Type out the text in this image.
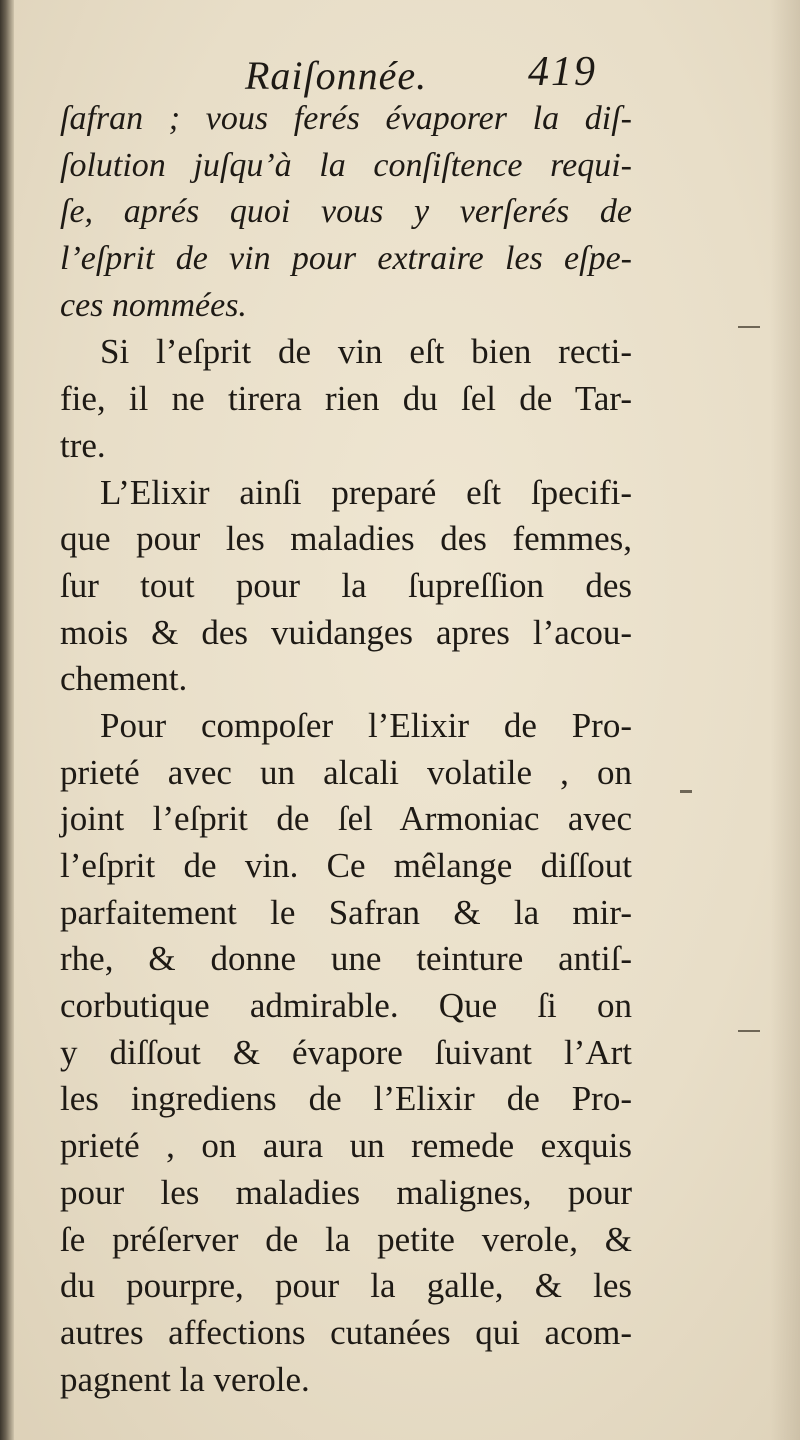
Raiſonnée. 419
ſafran ; vous ferés évaporer la diſ-
ſolution juſqu’à la conſiſtence requi-
ſe, aprés quoi vous y verſerés de
l’eſprit de vin pour extraire les eſpe-
ces nommées.
Si l’eſprit de vin eſt bien recti-
fie, il ne tirera rien du ſel de Tar-
tre.
L’Elixir ainſi preparé eſt ſpecifi-
que pour les maladies des femmes,
ſur tout pour la ſupreſſion des
mois & des vuidanges apres l’acou-
chement.
Pour compoſer l’Elixir de Pro-
prieté avec un alcali volatile , on
joint l’eſprit de ſel Armoniac avec
l’eſprit de vin. Ce mêlange diſſout
parfaitement le Safran & la mir-
rhe, & donne une teinture antiſ-
corbutique admirable. Que ſi on
y diſſout & évapore ſuivant l’Art
les ingrediens de l’Elixir de Pro-
prieté , on aura un remede exquis
pour les maladies malignes, pour
ſe préſerver de la petite verole, &
du pourpre, pour la galle, & les
autres affections cutanées qui acom-
pagnent la verole.
